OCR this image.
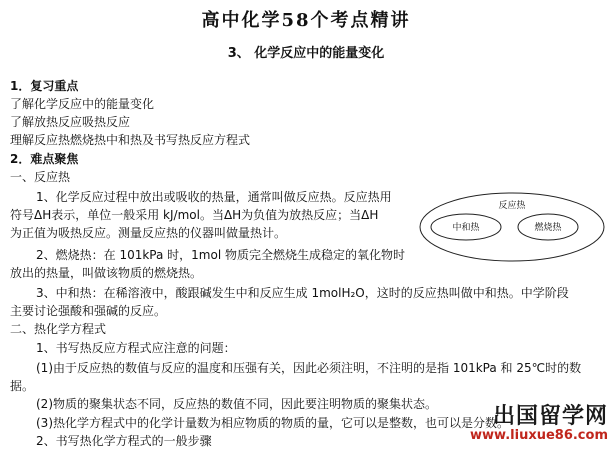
高中化学58个考点精讲
3、 化学反应中的能量变化
1．复习重点
了解化学反应中的能量变化
了解放热反应吸热反应
理解反应热燃烧热中和热及书写热反应方程式
2．难点聚焦
一、反应热
1、化学反应过程中放出或吸收的热量，通常叫做反应热。反应热用
符号ΔH表示，单位一般采用 kJ/mol。当ΔH为负值为放热反应；当ΔH
为正值为吸热反应。测量反应热的仪器叫做量热计。
2、燃烧热：在 101kPa 时，1mol 物质完全燃烧生成稳定的氧化物时
放出的热量，叫做该物质的燃烧热。
3、中和热：在稀溶液中，酸跟碱发生中和反应生成 1molH₂O，这时的反应热叫做中和热。中学阶段
主要讨论强酸和强碱的反应。
二、热化学方程式
1、书写热反应方程式应注意的问题：
(1)由于反应热的数值与反应的温度和压强有关，因此必须注明，不注明的是指 101kPa 和 25℃时的数
据。
(2)物质的聚集状态不同，反应热的数值不同，因此要注明物质的聚集状态。
(3)热化学方程式中的化学计量数为相应物质的物质的量，它可以是整数，也可以是分数。
2、书写热化学方程式的一般步骤
反应热
中和热	燃烧热
出国留学网
www.liuxue86.com
